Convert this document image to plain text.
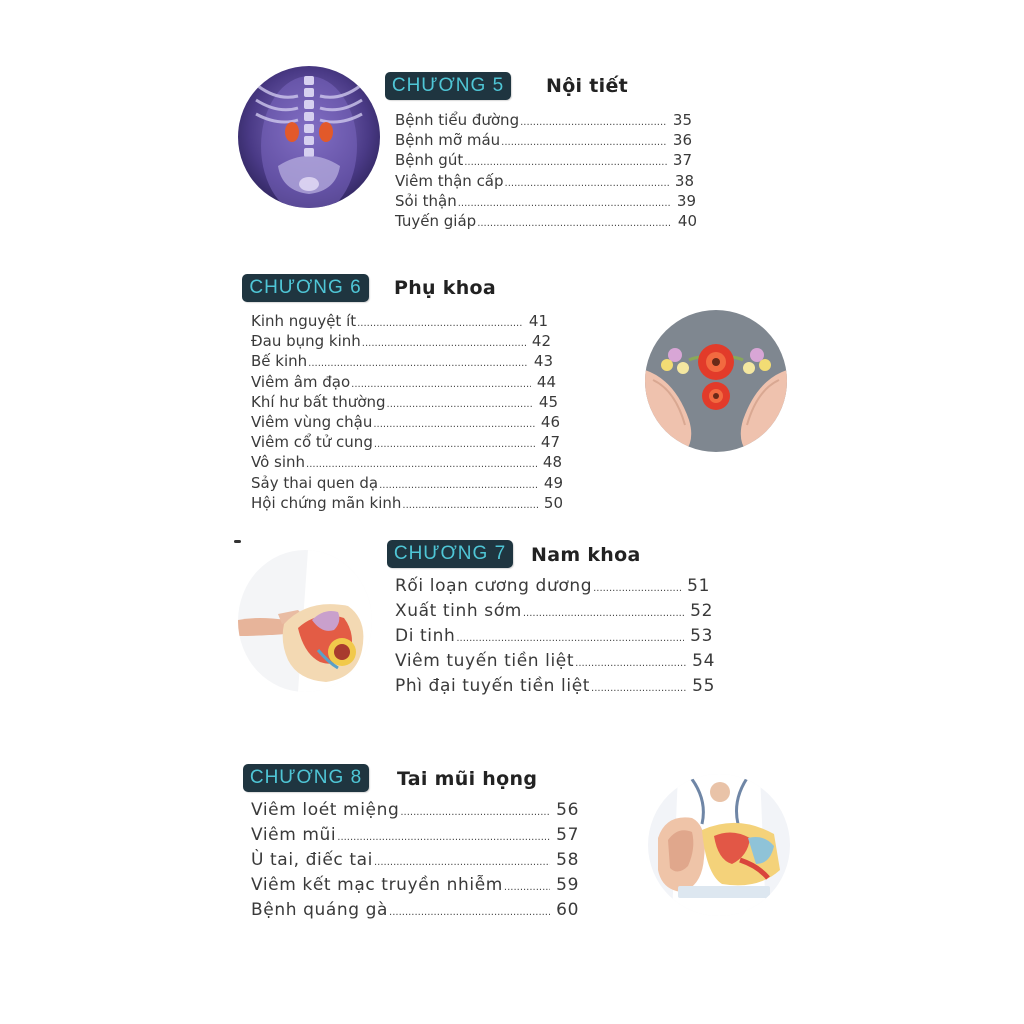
CHƯƠNG 5	Nội tiết
Bệnh tiểu đường .....	35
Bệnh mỡ máu .....	36
Bệnh gút .....	37
Viêm thận cấp .....	38
Sỏi thận .....	39
Tuyến giáp .....	40
CHƯƠNG 6	Phụ khoa
Kinh nguyệt ít .....	41
Đau bụng kinh .....	42
Bế kinh .....	43
Viêm âm đạo .....	44
Khí hư bất thường .....	45
Viêm vùng chậu .....	46
Viêm cổ tử cung .....	47
Vô sinh .....	48
Sảy thai quen dạ .....	49
Hội chứng mãn kinh .....	50
CHƯƠNG 7	Nam khoa
Rối loạn cương dương .....	51
Xuất tinh sớm .....	52
Di tinh .....	53
Viêm tuyến tiền liệt .....	54
Phì đại tuyến tiền liệt .....	55
CHƯƠNG 8	Tai mũi họng
Viêm loét miệng .....	56
Viêm mũi .....	57
Ù tai, điếc tai .....	58
Viêm kết mạc truyền nhiễm .....	59
Bệnh quáng gà .....	60
